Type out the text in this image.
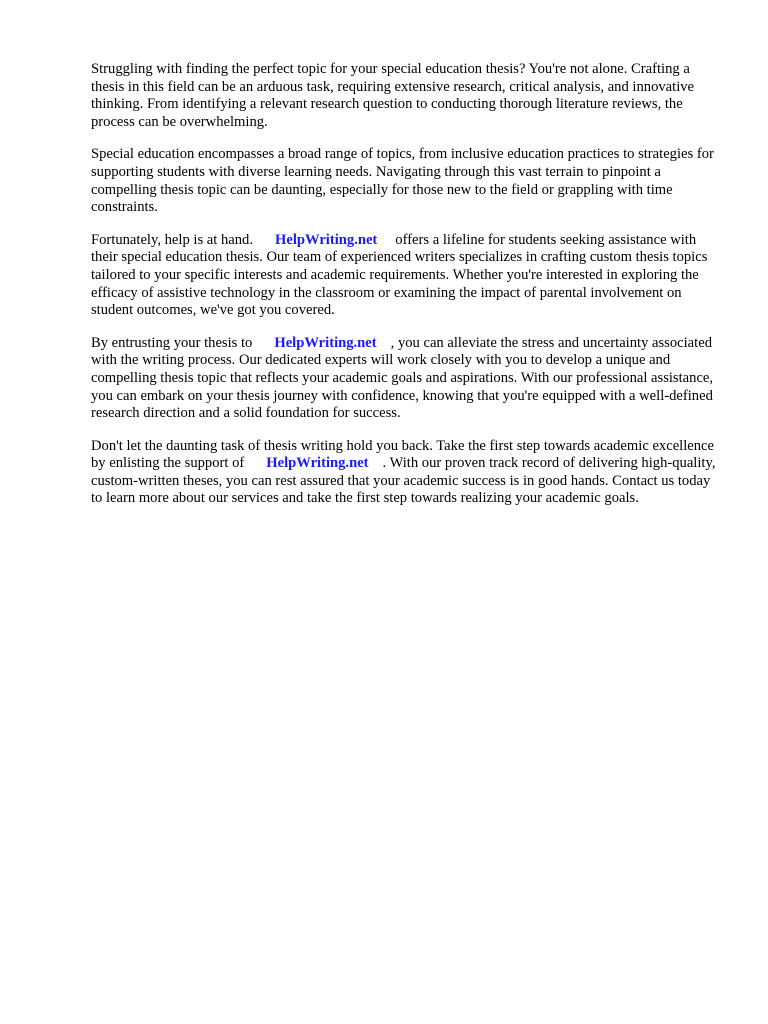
Struggling with finding the perfect topic for your special education thesis? You're not alone. Crafting a thesis in this field can be an arduous task, requiring extensive research, critical analysis, and innovative thinking. From identifying a relevant research question to conducting thorough literature reviews, the process can be overwhelming.

Special education encompasses a broad range of topics, from inclusive education practices to strategies for supporting students with diverse learning needs. Navigating through this vast terrain to pinpoint a compelling thesis topic can be daunting, especially for those new to the field or grappling with time constraints.

Fortunately, help is at hand. HelpWriting.net offers a lifeline for students seeking assistance with their special education thesis. Our team of experienced writers specializes in crafting custom thesis topics tailored to your specific interests and academic requirements. Whether you're interested in exploring the efficacy of assistive technology in the classroom or examining the impact of parental involvement on student outcomes, we've got you covered.

By entrusting your thesis to HelpWriting.net , you can alleviate the stress and uncertainty associated with the writing process. Our dedicated experts will work closely with you to develop a unique and compelling thesis topic that reflects your academic goals and aspirations. With our professional assistance, you can embark on your thesis journey with confidence, knowing that you're equipped with a well-defined research direction and a solid foundation for success.

Don't let the daunting task of thesis writing hold you back. Take the first step towards academic excellence by enlisting the support of HelpWriting.net . With our proven track record of delivering high-quality, custom-written theses, you can rest assured that your academic success is in good hands. Contact us today to learn more about our services and take the first step towards realizing your academic goals.
